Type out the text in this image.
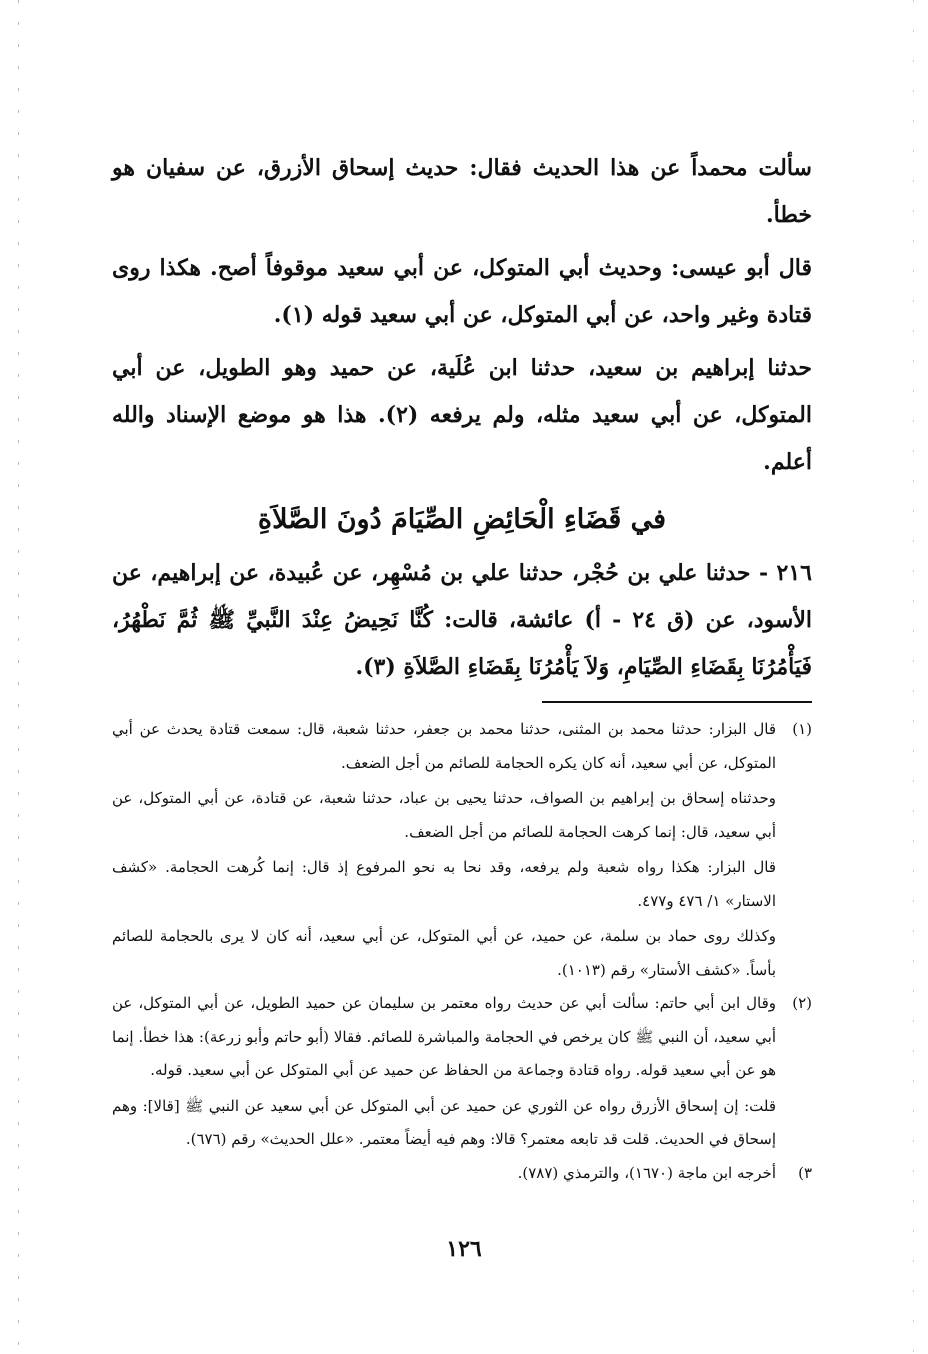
سألت محمداً عن هذا الحديث فقال: حديث إسحاق الأزرق، عن سفيان هو خطأ.

قال أبو عيسى: وحديث أبي المتوكل، عن أبي سعيد موقوفاً أصح. هكذا روى قتادة وغير واحد، عن أبي المتوكل، عن أبي سعيد قوله (١).

حدثنا إبراهيم بن سعيد، حدثنا ابن عُلَية، عن حميد وهو الطويل، عن أبي المتوكل، عن أبي سعيد مثله، ولم يرفعه (٢). هذا هو موضع الإسناد والله أعلم.

في قَضَاءِ الْحَائِضِ الصِّيَامَ دُونَ الصَّلاَةِ

٢١٦ - حدثنا علي بن حُجْر، حدثنا علي بن مُسْهِر، عن عُبيدة، عن إبراهيم، عن الأسود، عن (ق ٢٤ - أ) عائشة، قالت: كُنَّا نَحِيضُ عِنْدَ النَّبيِّ ﷺ ثُمَّ نَطْهُرُ، فَيَأْمُرُنَا بِقَضَاءِ الصِّيَامِ، وَلاَ يَأْمُرُنَا بِقَضَاءِ الصَّلاَةِ (٣).

(١)

قال البزار: حدثنا محمد بن المثنى، حدثنا محمد بن جعفر، حدثنا شعبة، قال: سمعت قتادة يحدث عن أبي المتوكل، عن أبي سعيد، أنه كان يكره الحجامة للصائم من أجل الضعف.

وحدثناه إسحاق بن إبراهيم بن الصواف، حدثنا يحيى بن عباد، حدثنا شعبة، عن قتادة، عن أبي المتوكل، عن أبي سعيد، قال: إنما كرهت الحجامة للصائم من أجل الضعف.

قال البزار: هكذا رواه شعبة ولم يرفعه، وقد نحا به نحو المرفوع إذ قال: إنما كُرهت الحجامة. «كشف الاستار» ١/ ٤٧٦ و٤٧٧.

وكذلك روى حماد بن سلمة، عن حميد، عن أبي المتوكل، عن أبي سعيد، أنه كان لا يرى بالحجامة للصائم بأساً. «كشف الأستار» رقم (١٠١٣).

(٢)

وقال ابن أبي حاتم: سألت أبي عن حديث رواه معتمر بن سليمان عن حميد الطويل، عن أبي المتوكل، عن أبي سعيد، أن النبي ﷺ كان يرخص في الحجامة والمباشرة للصائم. فقالا (أبو حاتم وأبو زرعة): هذا خطأ. إنما هو عن أبي سعيد قوله. رواه قتادة وجماعة من الحفاظ عن حميد عن أبي المتوكل عن أبي سعيد. قوله.

قلت: إن إسحاق الأزرق رواه عن الثوري عن حميد عن أبي المتوكل عن أبي سعيد عن النبي ﷺ [قالا]: وهم إسحاق في الحديث. قلت قد تابعه معتمر؟ قالا: وهم فيه أيضاً معتمر. «علل الحديث» رقم (٦٧٦).

٣)

أخرجه ابن ماجة (١٦٧٠)، والترمذي (٧٨٧).

١٢٦
